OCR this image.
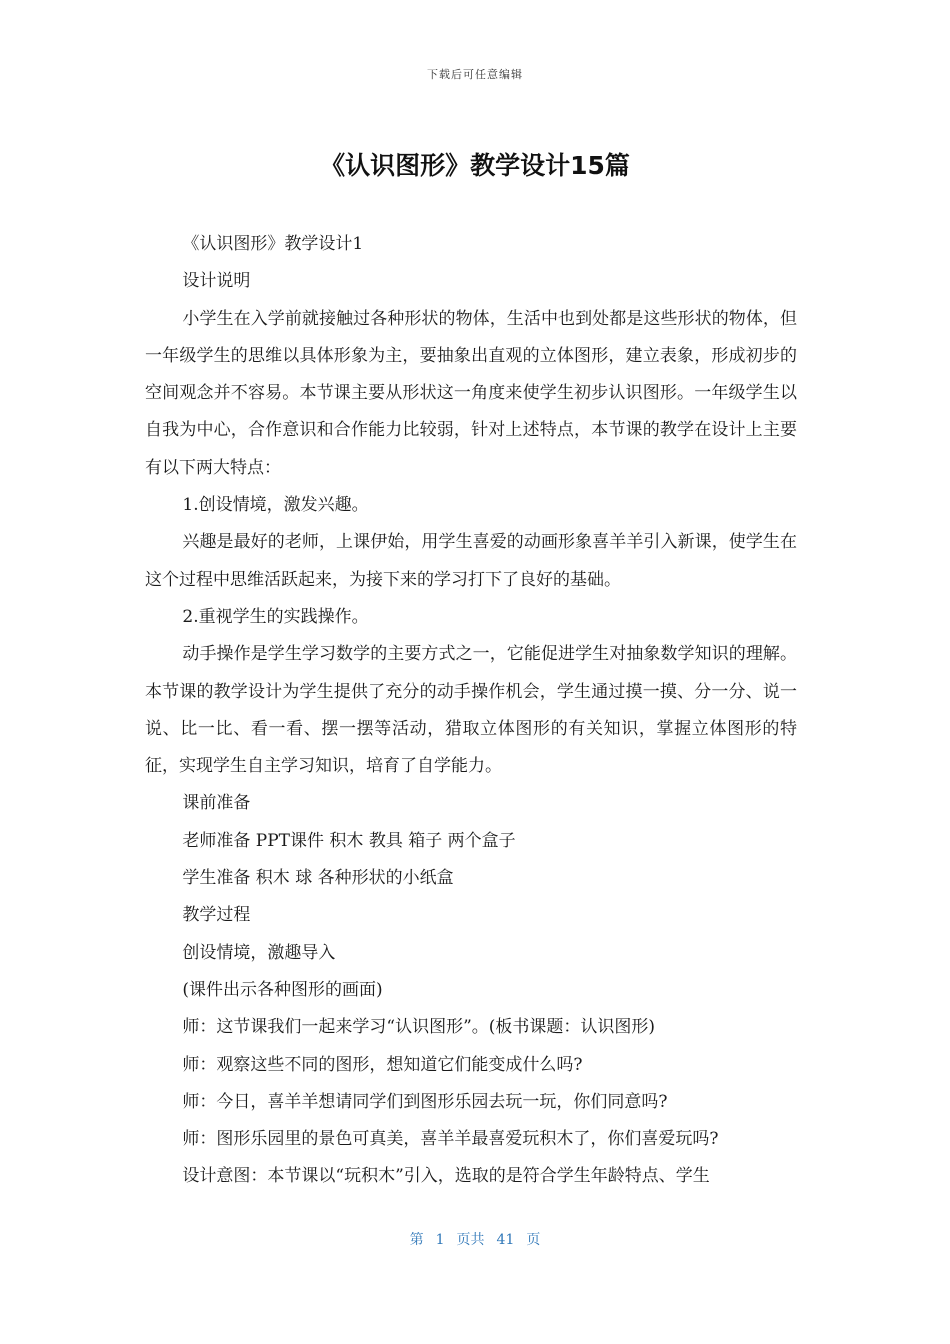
下载后可任意编辑
《认识图形》教学设计15篇

《认识图形》教学设计1

设计说明

小学生在入学前就接触过各种形状的物体，生活中也到处都是这些形状的物体，但一年级学生的思维以具体形象为主，要抽象出直观的立体图形，建立表象，形成初步的空间观念并不容易。本节课主要从形状这一角度来使学生初步认识图形。一年级学生以自我为中心，合作意识和合作能力比较弱，针对上述特点，本节课的教学在设计上主要有以下两大特点：

1.创设情境，激发兴趣。

兴趣是最好的老师，上课伊始，用学生喜爱的动画形象喜羊羊引入新课，使学生在这个过程中思维活跃起来，为接下来的学习打下了良好的基础。

2.重视学生的实践操作。

动手操作是学生学习数学的主要方式之一，它能促进学生对抽象数学知识的理解。本节课的教学设计为学生提供了充分的动手操作机会，学生通过摸一摸、分一分、说一说、比一比、看一看、摆一摆等活动，猎取立体图形的有关知识，掌握立体图形的特征，实现学生自主学习知识，培育了自学能力。

课前准备

老师准备 PPT课件 积木 教具 箱子 两个盒子

学生准备 积木 球 各种形状的小纸盒

教学过程

创设情境，激趣导入

(课件出示各种图形的画面)

师：这节课我们一起来学习“认识图形”。(板书课题：认识图形)

师：观察这些不同的图形，想知道它们能变成什么吗?

师：今日，喜羊羊想请同学们到图形乐园去玩一玩，你们同意吗?

师：图形乐园里的景色可真美，喜羊羊最喜爱玩积木了，你们喜爱玩吗?

设计意图：本节课以“玩积木”引入，选取的是符合学生年龄特点、学生

第 1 页共 41 页
